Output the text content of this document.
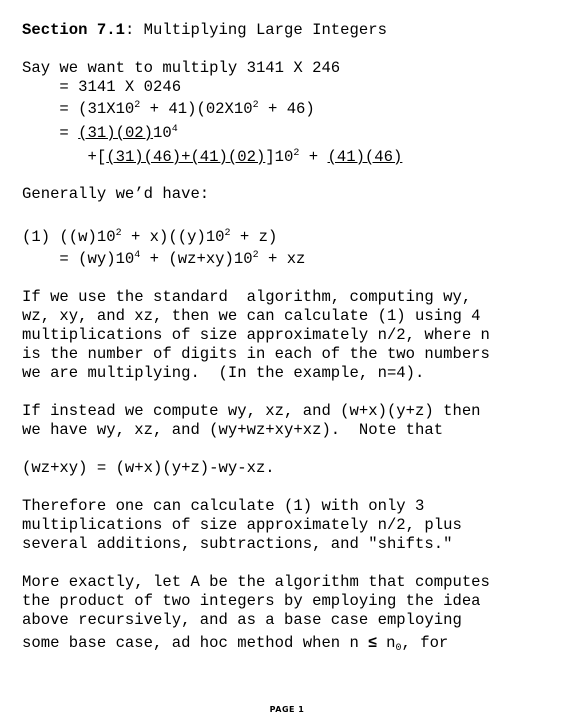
Section 7.1: Multiplying Large Integers
Say we want to multiply 3141 X 246
= 3141 X 0246
= $(31X10^2 + 41)(02X10^2 + 46)$
= $(31)(02)10^4$
$+[(31)(46)+(41)(02)]10^2 + (41)(46)$
Generally we’d have:
(1) $((w)10^2 + x)((y)10^2 + z)$
= $(wy)10^4 + (wz+xy)10^2$ + xz
If we use the standard  algorithm, computing wy,
wz, xy, and xz, then we can calculate (1) using 4
multiplications of size approximately n/2, where n
is the number of digits in each of the two numbers
we are multiplying.  (In the example, n=4).
If instead we compute wy, xz, and (w+x)(y+z) then
we have wy, xz, and (wy+wz+xy+xz).  Note that
(wz+xy) = (w+x)(y+z)-wy-xz.
Therefore one can calculate (1) with only 3
multiplications of size approximately n/2, plus
several additions, subtractions, and "shifts."
More exactly, let A be the algorithm that computes
the product of two integers by employing the idea
above recursively, and as a base case employing
some base case, ad hoc method when $n \le n_0$, for
PAGE 1
